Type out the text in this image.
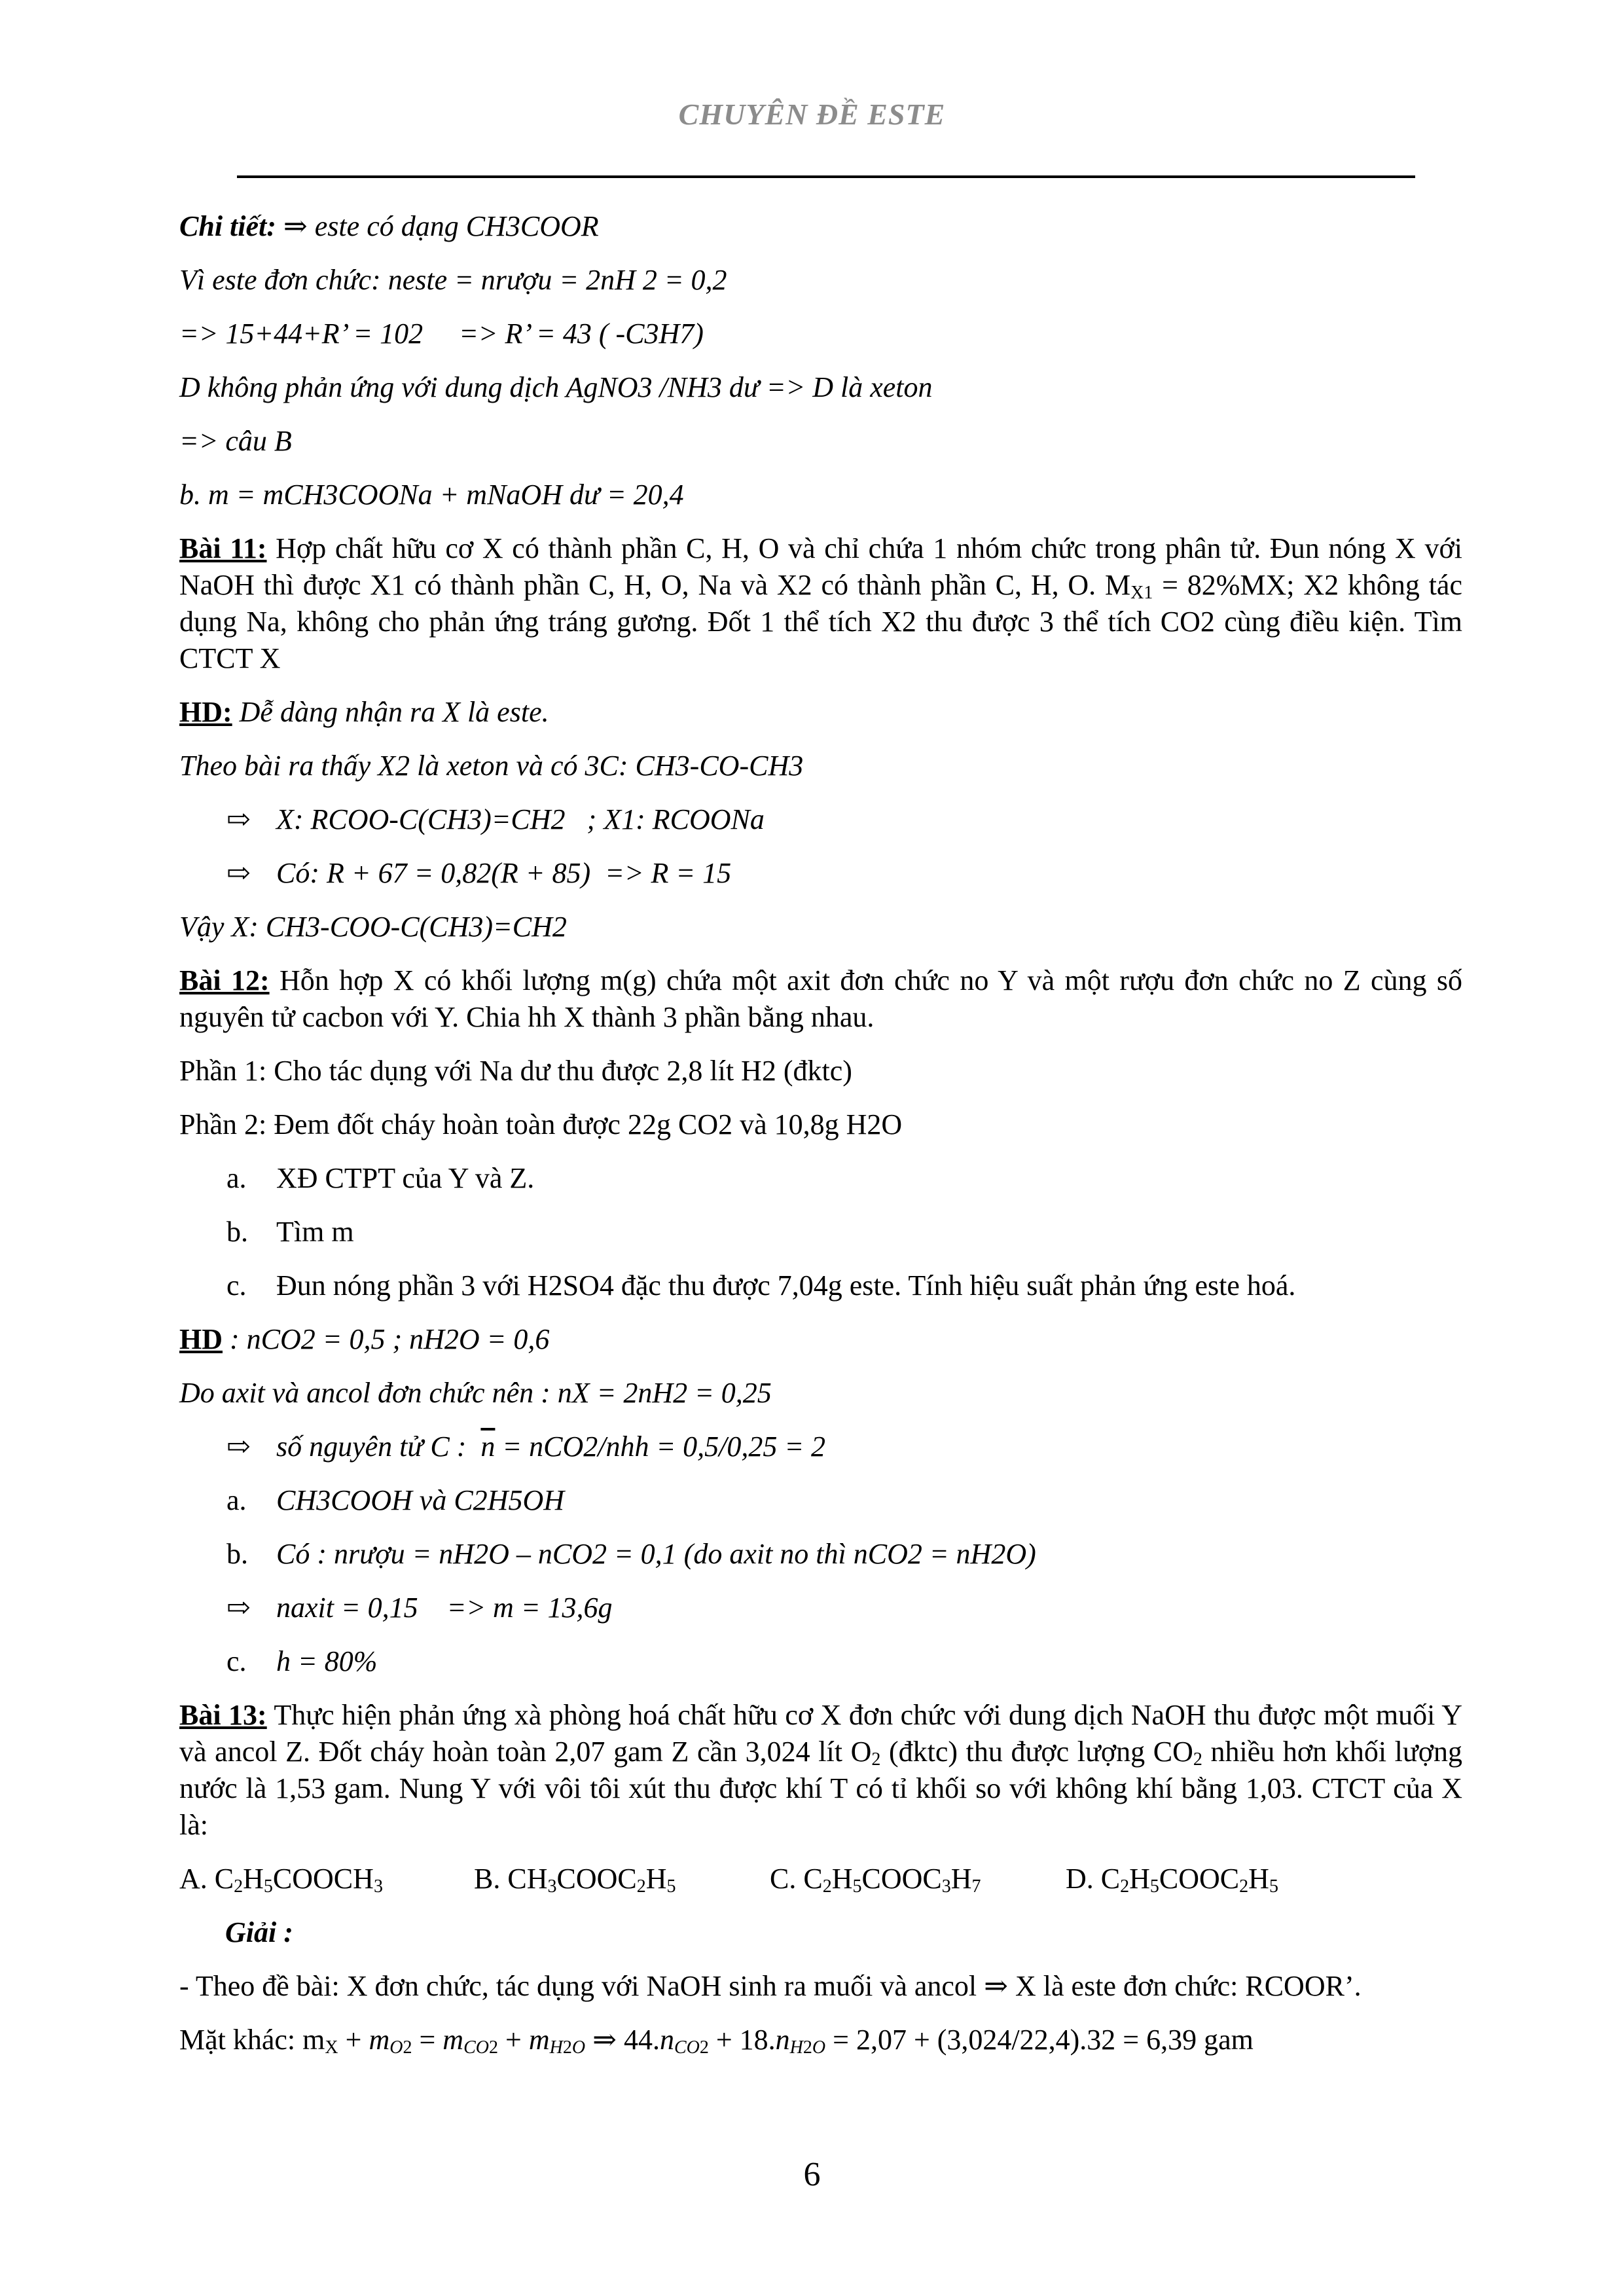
CHUYÊN ĐỀ ESTE

Chi tiết: ⇒ este có dạng CH3COOR

Vì este đơn chức: neste = nrượu = 2nH 2 = 0,2

=> 15+44+R’ = 102     => R’ = 43 ( -C3H7)

D không phản ứng với dung dịch AgNO3 /NH3 dư => D là xeton

=> câu B

b. m = mCH3COONa + mNaOH dư = 20,4

Bài 11: Hợp chất hữu cơ X có thành phần C, H, O và chỉ chứa 1 nhóm chức trong phân tử. Đun nóng X với NaOH thì được X1 có thành phần C, H, O, Na và X2 có thành phần C, H, O. $M_{X1} = 82\%MX$; X2 không tác dụng Na, không cho phản ứng tráng gương. Đốt 1 thể tích X2 thu được 3 thể tích CO2 cùng điều kiện. Tìm CTCT X

HD: Dễ dàng nhận ra X là este.

Theo bài ra thấy X2 là xeton và có 3C: CH3-CO-CH3

⇨ X: RCOO-C(CH3)=CH2   ; X1: RCOONa
⇨ Có: R + 67 = 0,82(R + 85)  => R = 15

Vậy X: CH3-COO-C(CH3)=CH2

Bài 12: Hỗn hợp X có khối lượng m(g) chứa một axit đơn chức no Y và một rượu đơn chức no Z cùng số nguyên tử cacbon với Y. Chia hh X thành 3 phần bằng nhau.

Phần 1: Cho tác dụng với Na dư thu được 2,8 lít H2 (đktc)

Phần 2: Đem đốt cháy hoàn toàn được 22g CO2 và 10,8g H2O

a.	XĐ CTPT của Y và Z.
b. Tìm m
c.	Đun nóng phần 3 với H2SO4 đặc thu được 7,04g este. Tính hiệu suất phản ứng este hoá.

HD : nCO2 = 0,5 ; nH2O = 0,6

Do axit và ancol đơn chức nên : nX = 2nH2 = 0,25

⇨ số nguyên tử C :  $\overline{n} = nCO2/nhh = 0,5/0,25 = 2$
a.	CH3COOH và C2H5OH
b. Có : nrượu = nH2O – nCO2 = 0,1 (do axit no thì nCO2 = nH2O)
⇨ naxit = 0,15    => m = 13,6g
c.	h = 80%

Bài 13: Thực hiện phản ứng xà phòng hoá chất hữu cơ X đơn chức với dung dịch NaOH thu được một muối Y và ancol Z. Đốt cháy hoàn toàn 2,07 gam Z cần 3,024 lít $O_2$ (đktc) thu được lượng $CO_2$ nhiều hơn khối lượng nước là 1,53 gam. Nung Y với vôi tôi xút thu được khí T có tỉ khối so với không khí bằng 1,03. CTCT của X là:

A. $C_2H_5COOCH_3$	B. $CH_3COOC_2H_5$	C. $C_2H_5COOC_3H_7$	D. $C_2H_5COOC_2H_5$

Giải :

- Theo đề bài: X đơn chức, tác dụng với NaOH sinh ra muối và ancol ⇒ X là este đơn chức: RCOOR’.

Mặt khác: $m_X + m_{O2} = m_{CO2} + m_{H2O}$ ⇒ $44.n_{CO2} + 18.n_{H2O} = 2,07 + (3,024/22,4).32 = 6,39$ gam

6
